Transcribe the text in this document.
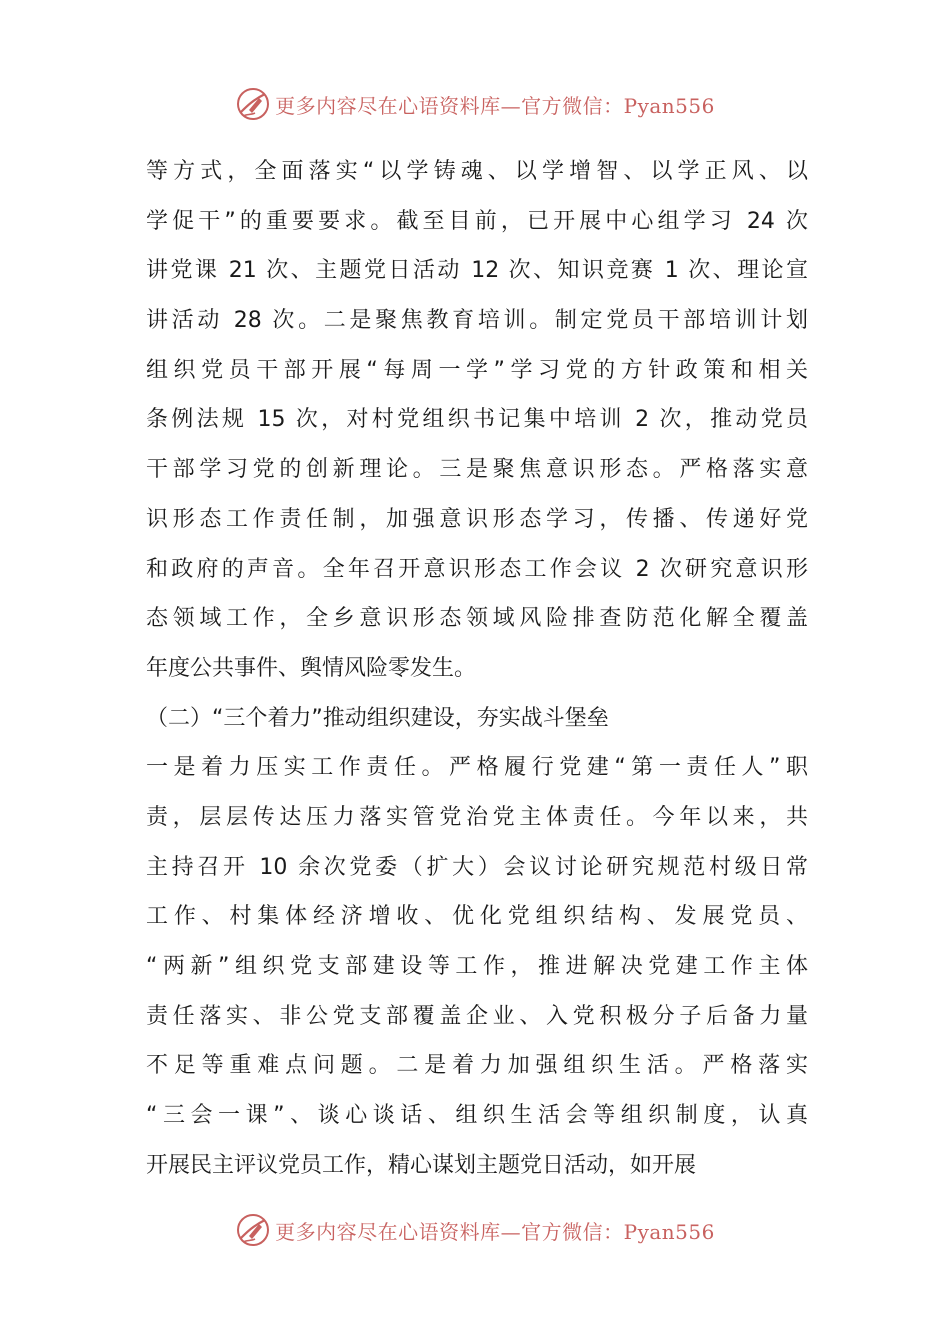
更多内容尽在心语资料库—官方微信：Pyan556
等方式，全面落实“以学铸魂、以学增智、以学正风、以
学促干”的重要要求。截至目前，已开展中心组学习 24 次
讲党课 21 次、主题党日活动 12 次、知识竞赛 1 次、理论宣
讲活动 28 次。二是聚焦教育培训。制定党员干部培训计划
组织党员干部开展“每周一学”学习党的方针政策和相关
条例法规 15 次，对村党组织书记集中培训 2 次，推动党员
干部学习党的创新理论。三是聚焦意识形态。严格落实意
识形态工作责任制，加强意识形态学习，传播、传递好党
和政府的声音。全年召开意识形态工作会议 2 次研究意识形
态领域工作，全乡意识形态领域风险排查防范化解全覆盖
年度公共事件、舆情风险零发生。
（二）“三个着力”推动组织建设，夯实战斗堡垒
一是着力压实工作责任。严格履行党建“第一责任人”职
责，层层传达压力落实管党治党主体责任。今年以来，共
主持召开 10 余次党委（扩大）会议讨论研究规范村级日常
工作、村集体经济增收、优化党组织结构、发展党员、
“两新”组织党支部建设等工作，推进解决党建工作主体
责任落实、非公党支部覆盖企业、入党积极分子后备力量
不足等重难点问题。二是着力加强组织生活。严格落实
“三会一课”、谈心谈话、组织生活会等组织制度，认真
开展民主评议党员工作，精心谋划主题党日活动，如开展
更多内容尽在心语资料库—官方微信：Pyan556
